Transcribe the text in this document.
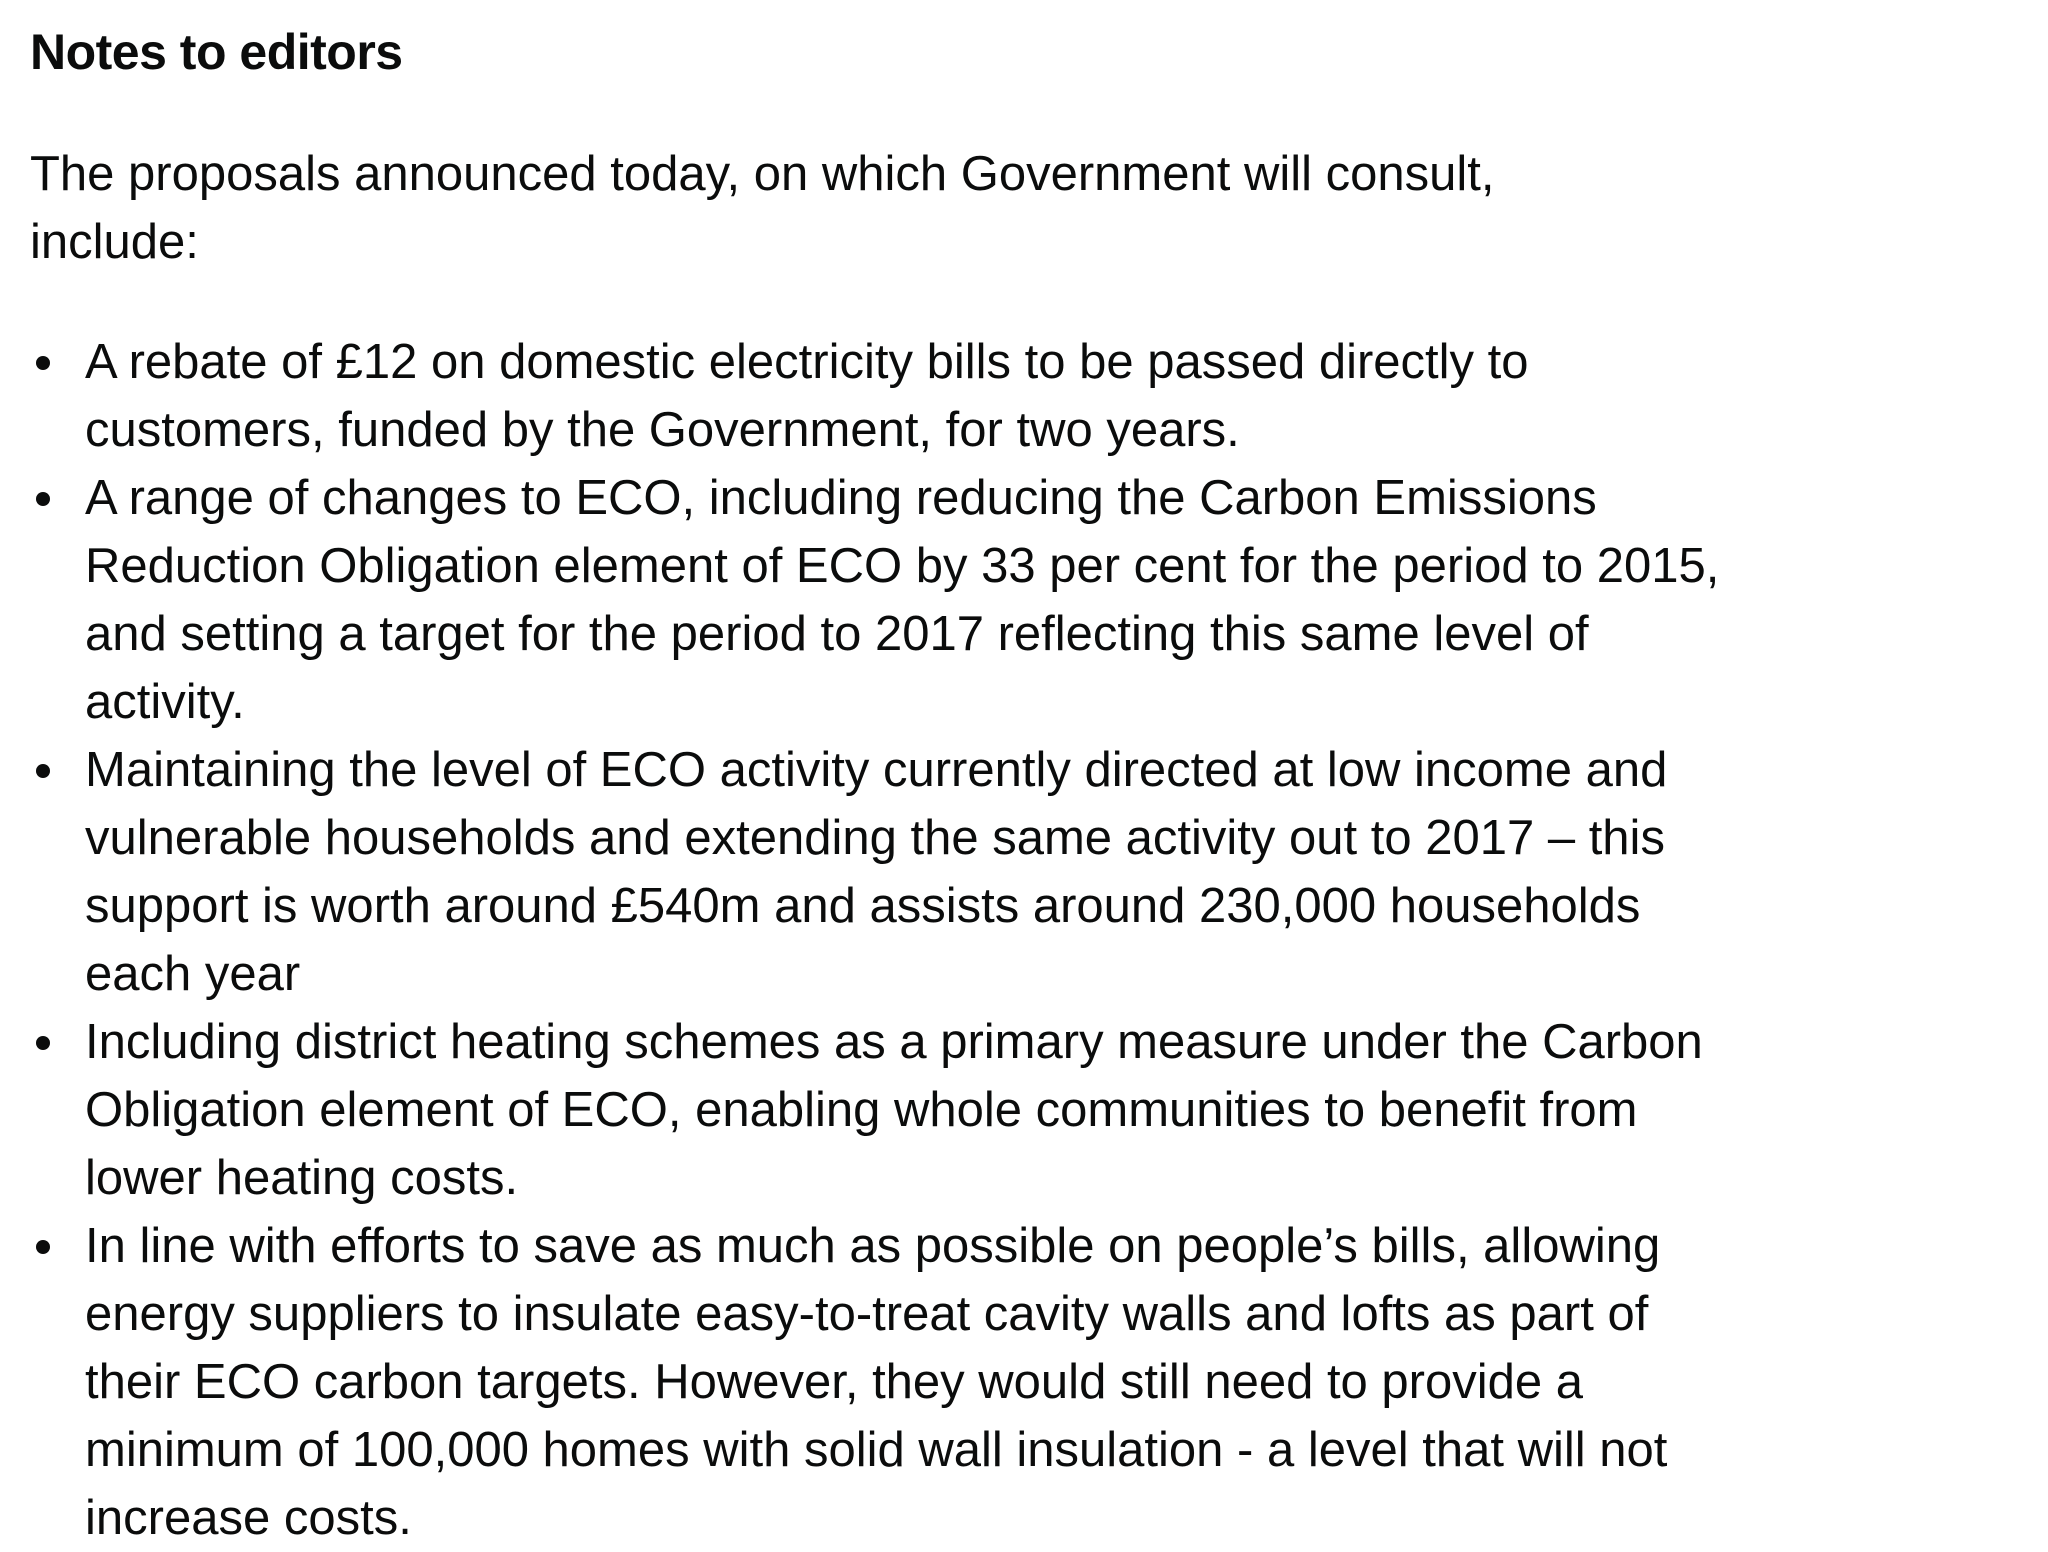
Notes to editors

The proposals announced today, on which Government will consult, include:

A rebate of £12 on domestic electricity bills to be passed directly to customers, funded by the Government, for two years.
A range of changes to ECO, including reducing the Carbon Emissions Reduction Obligation element of ECO by 33 per cent for the period to 2015, and setting a target for the period to 2017 reflecting this same level of activity.
Maintaining the level of ECO activity currently directed at low income and vulnerable households and extending the same activity out to 2017 – this support is worth around £540m and assists around 230,000 households each year
Including district heating schemes as a primary measure under the Carbon Obligation element of ECO, enabling whole communities to benefit from lower heating costs.
In line with efforts to save as much as possible on people’s bills, allowing energy suppliers to insulate easy-to-treat cavity walls and lofts as part of their ECO carbon targets. However, they would still need to provide a minimum of 100,000 homes with solid wall insulation - a level that will not increase costs.
